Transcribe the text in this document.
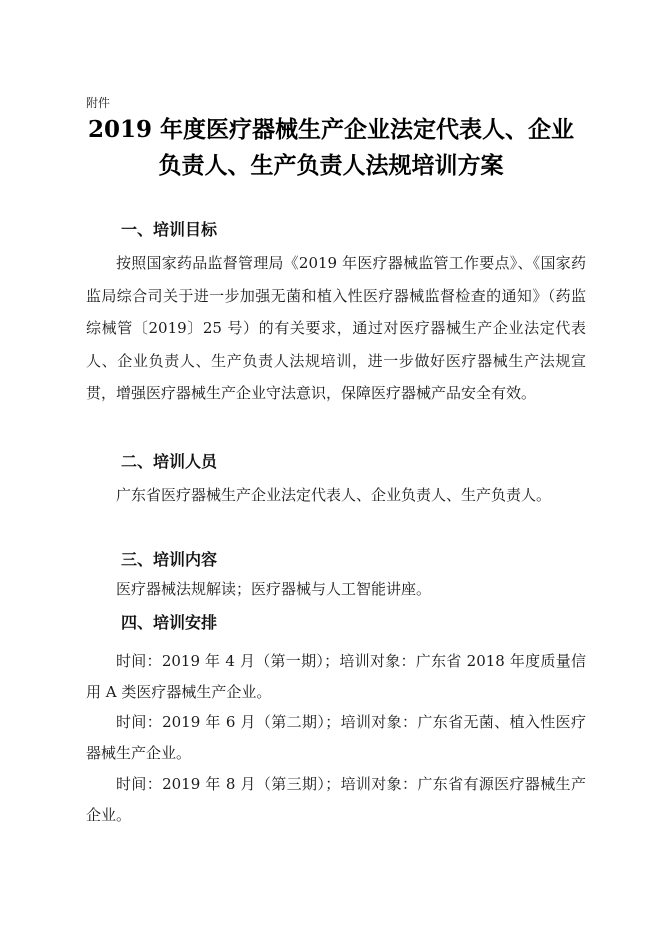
附件
2019 年度医疗器械生产企业法定代表人、企业
负责人、生产负责人法规培训方案
一、培训目标

按照国家药品监督管理局《2019 年医疗器械监管工作要点》、《国家药监局综合司关于进一步加强无菌和植入性医疗器械监督检查的通知》（药监综械管〔2019〕25 号）的有关要求，通过对医疗器械生产企业法定代表人、企业负责人、生产负责人法规培训，进一步做好医疗器械生产法规宣贯，增强医疗器械生产企业守法意识，保障医疗器械产品安全有效。

二、培训人员

广东省医疗器械生产企业法定代表人、企业负责人、生产负责人。

三、培训内容

医疗器械法规解读；医疗器械与人工智能讲座。

四、培训安排

时间：2019 年 4 月（第一期）；培训对象：广东省 2018 年度质量信用 A 类医疗器械生产企业。

时间：2019 年 6 月（第二期）；培训对象：广东省无菌、植入性医疗器械生产企业。

时间：2019 年 8 月（第三期）；培训对象：广东省有源医疗器械生产企业。
